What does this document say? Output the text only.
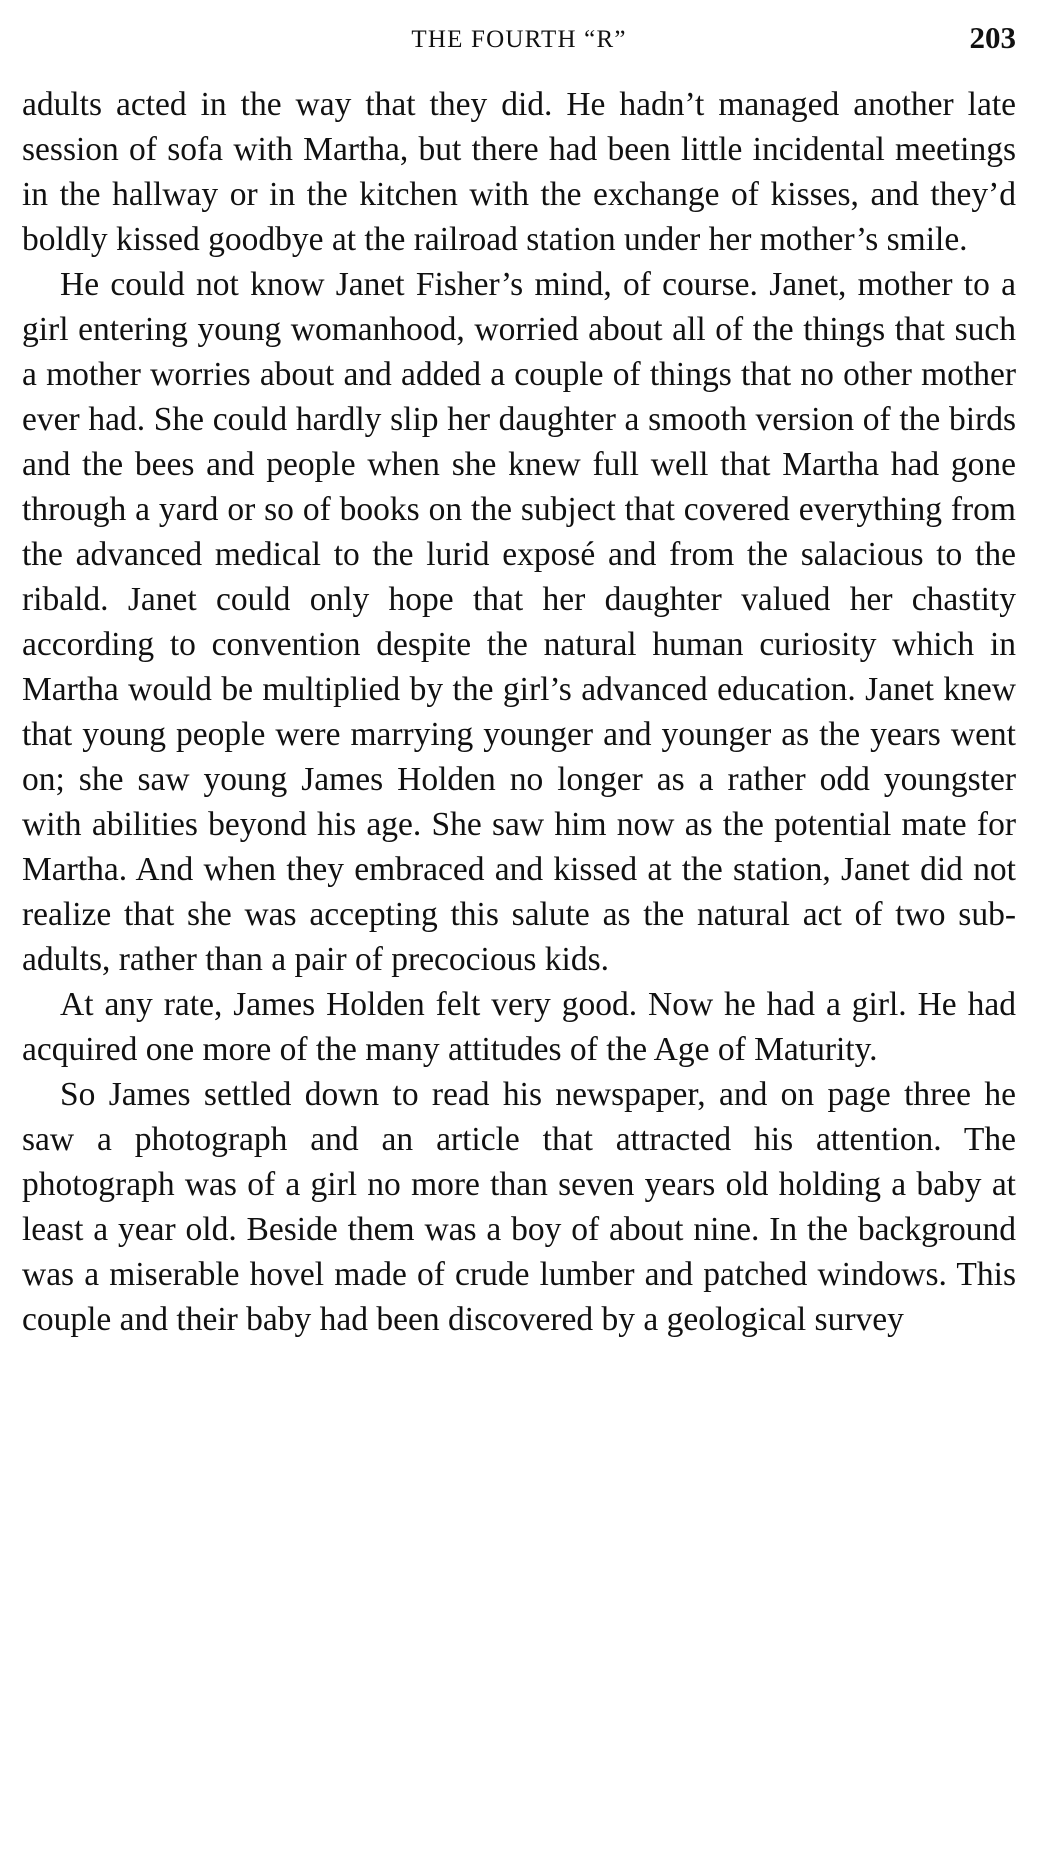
THE FOURTH “R”	203

adults acted in the way that they did. He hadn’t managed another late session of sofa with Martha, but there had been little incidental meetings in the hallway or in the kitchen with the exchange of kisses, and they’d boldly kissed goodbye at the railroad station under her mother’s smile.

He could not know Janet Fisher’s mind, of course. Janet, mother to a girl entering young womanhood, worried about all of the things that such a mother worries about and added a couple of things that no other mother ever had. She could hardly slip her daughter a smooth version of the birds and the bees and people when she knew full well that Martha had gone through a yard or so of books on the subject that covered everything from the advanced medical to the lurid exposé and from the salacious to the ribald. Janet could only hope that her daughter valued her chastity according to convention despite the natural human curiosity which in Martha would be multiplied by the girl’s advanced education. Janet knew that young people were marrying younger and younger as the years went on; she saw young James Holden no longer as a rather odd youngster with abilities beyond his age. She saw him now as the potential mate for Martha. And when they embraced and kissed at the station, Janet did not realize that she was accepting this salute as the natural act of two sub-adults, rather than a pair of precocious kids.

At any rate, James Holden felt very good. Now he had a girl. He had acquired one more of the many attitudes of the Age of Maturity.

So James settled down to read his newspaper, and on page three he saw a photograph and an article that attracted his attention. The photograph was of a girl no more than seven years old holding a baby at least a year old. Beside them was a boy of about nine. In the background was a miserable hovel made of crude lumber and patched windows. This couple and their baby had been discovered by a geological survey
